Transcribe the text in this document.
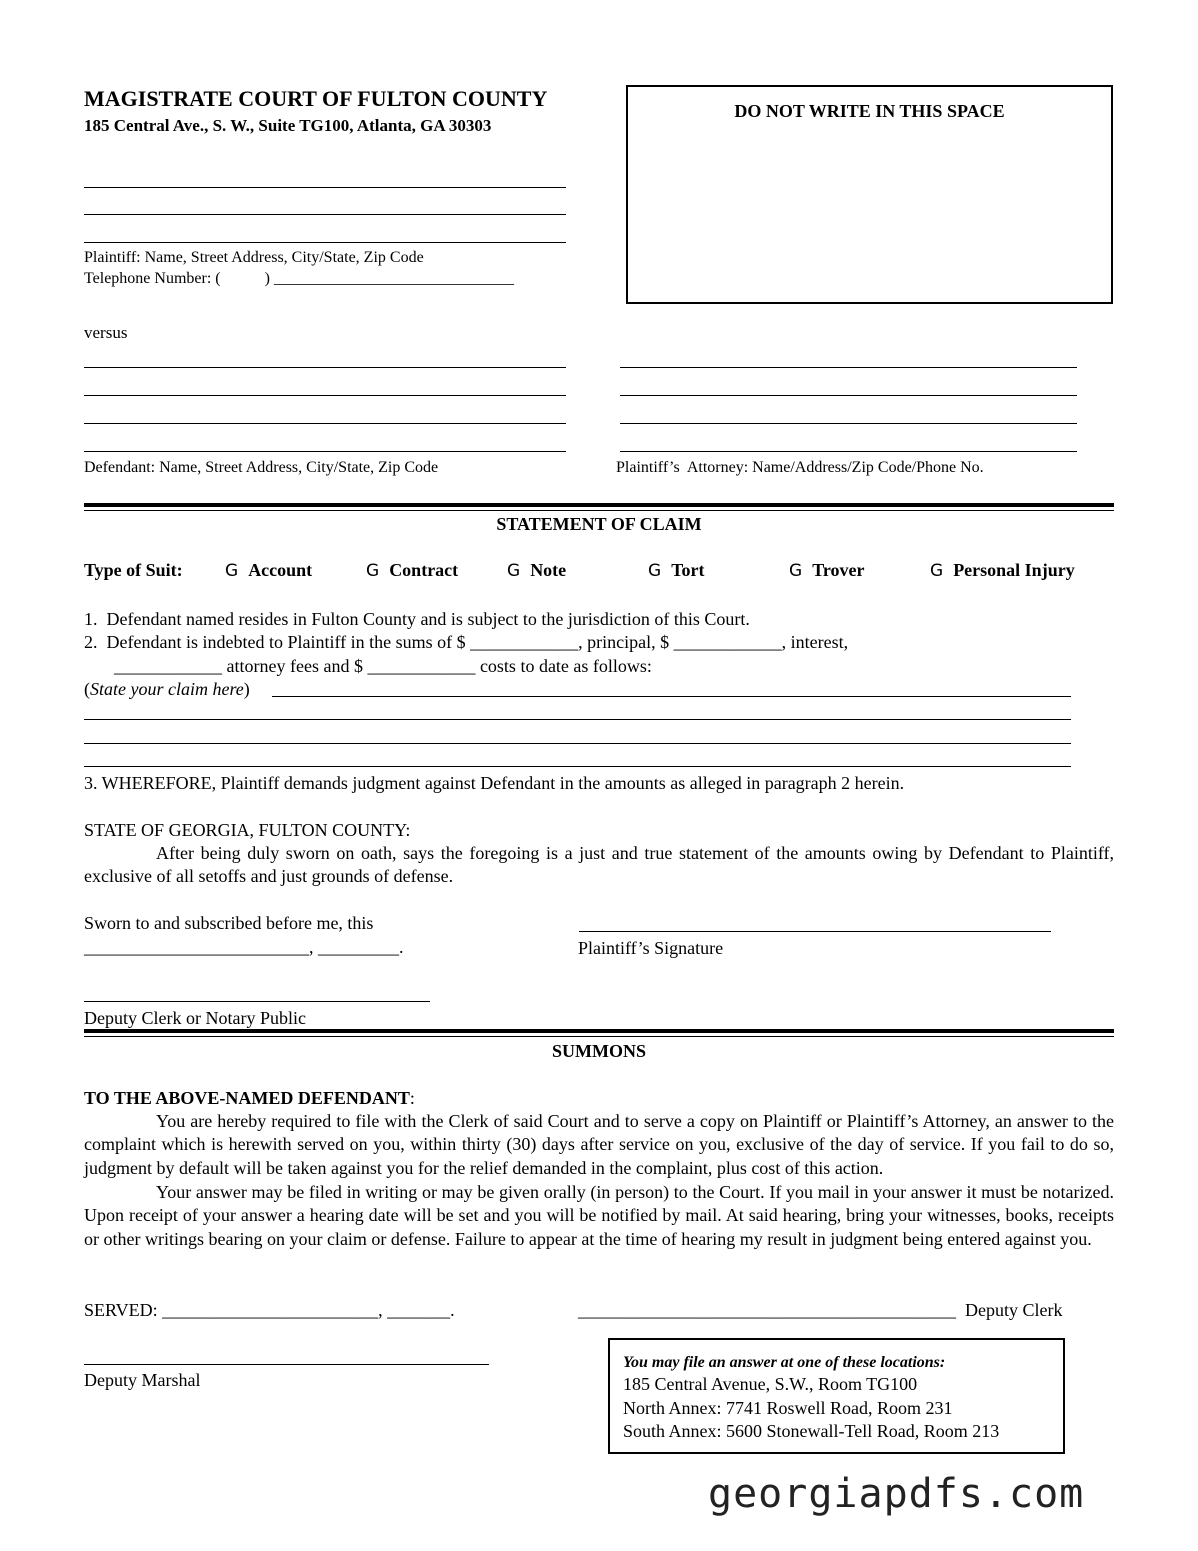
MAGISTRATE COURT OF FULTON COUNTY
185 Central Ave., S. W., Suite TG100, Atlanta, GA 30303
DO NOT WRITE IN THIS SPACE
Plaintiff: Name, Street Address, City/State, Zip Code
Telephone Number: (           ) ______________________________
versus
Defendant: Name, Street Address, City/State, Zip Code	Plaintiff’s  Attorney: Name/Address/Zip Code/Phone No.
STATEMENT OF CLAIM
Type of Suit: G Account	G Contract	G Note	G Tort	G Trover	G Personal Injury
1.  Defendant named resides in Fulton County and is subject to the jurisdiction of this Court.
2.  Defendant is indebted to Plaintiff in the sums of $ ____________, principal, $ ____________, interest,
____________ attorney fees and $ ____________ costs to date as follows:
(State your claim here)
3. WHEREFORE, Plaintiff demands judgment against Defendant in the amounts as alleged in paragraph 2 herein.
STATE OF GEORGIA, FULTON COUNTY:
After being duly sworn on oath, says the foregoing is a just and true statement of the amounts owing by Defendant to Plaintiff, exclusive of all setoffs and just grounds of defense.
Sworn to and subscribed before me, this
_________________________, _________.	Plaintiff’s Signature
Deputy Clerk or Notary Public
SUMMONS
TO THE ABOVE-NAMED DEFENDANT:
You are hereby required to file with the Clerk of said Court and to serve a copy on Plaintiff or Plaintiff’s Attorney, an answer to the complaint which is herewith served on you, within thirty (30) days after service on you, exclusive of the day of service. If you fail to do so, judgment by default will be taken against you for the relief demanded in the complaint, plus cost of this action.
Your answer may be filed in writing or may be given orally (in person) to the Court. If you mail in your answer it must be notarized. Upon receipt of your answer a hearing date will be set and you will be notified by mail. At said hearing, bring your witnesses, books, receipts or other writings bearing on your claim or defense. Failure to appear at the time of hearing my result in judgment being entered against you.
SERVED: ________________________, _______.	__________________________________________  Deputy Clerk
Deputy Marshal
You may file an answer at one of these locations:
185 Central Avenue, S.W., Room TG100
North Annex: 7741 Roswell Road, Room 231
South Annex: 5600 Stonewall-Tell Road, Room 213
georgiapdfs.com
